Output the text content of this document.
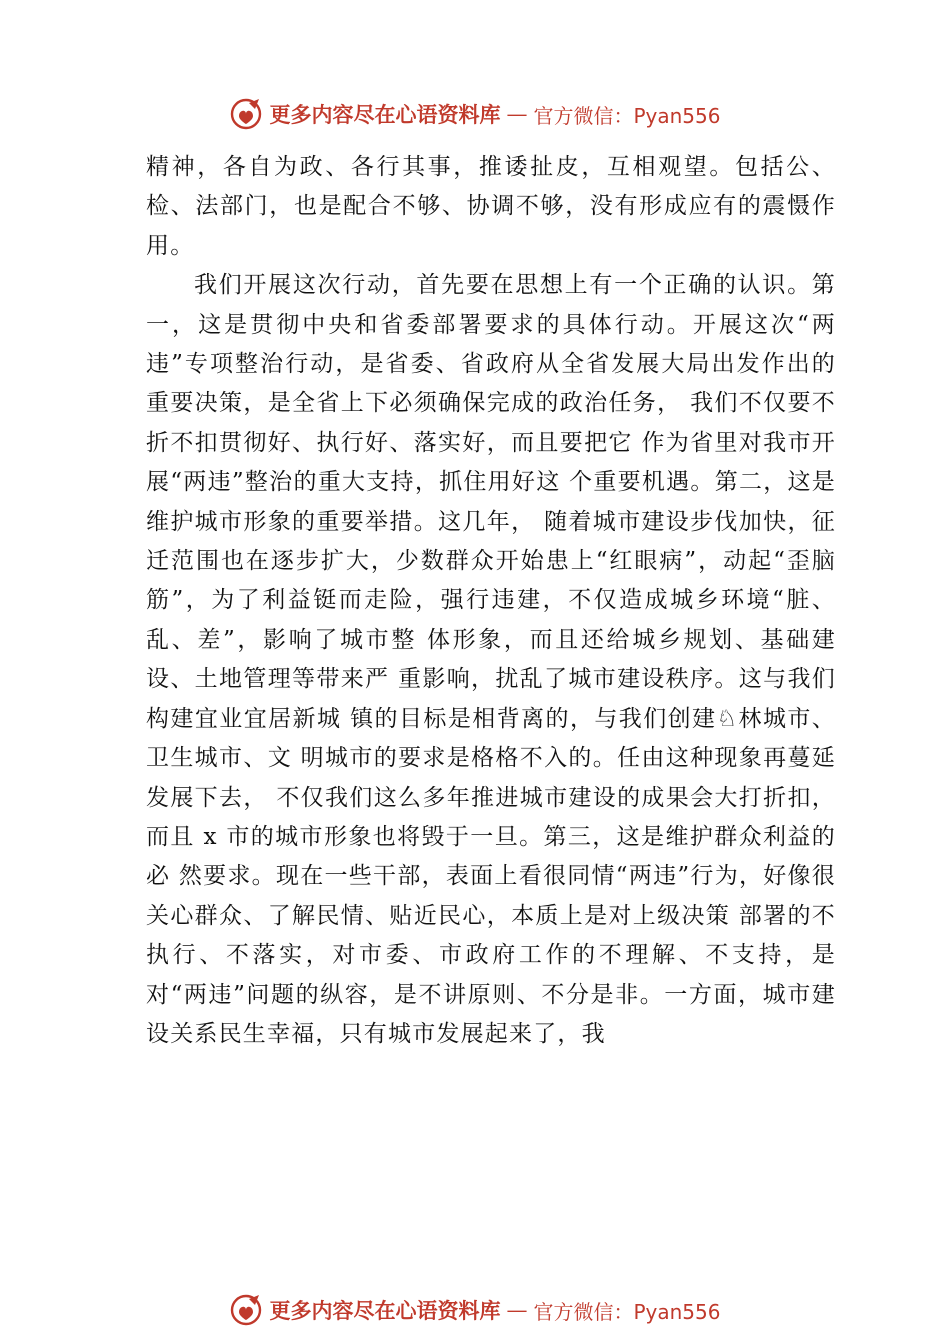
更多内容尽在心语资料库 — 官方微信：Pyan556

精神，各自为政、各行其事，推诿扯皮，互相观望。包括公、检、法部门，也是配合不够、协调不够，没有形成应有的震慑作用。

我们开展这次行动，首先要在思想上有一个正确的认识。第一，这是贯彻中央和省委部署要求的具体行动。开展这次“两违”专项整治行动，是省委、省政府从全省发展大局出发作出的重要决策，是全省上下必须确保完成的政治任务， 我们不仅要不折不扣贯彻好、执行好、落实好，而且要把它 作为省里对我市开展“两违”整治的重大支持，抓住用好这 个重要机遇。第二，这是维护城市形象的重要举措。这几年， 随着城市建设步伐加快，征迁范围也在逐步扩大，少数群众开始患上“红眼病”，动起“歪脑筋”，为了利益铤而走险，强行违建，不仅造成城乡环境“脏、乱、差”，影响了城市整 体形象，而且还给城乡规划、基础建设、土地管理等带来严 重影响，扰乱了城市建设秩序。这与我们构建宜业宜居新城 镇的目标是相背离的，与我们创建♘林城市、卫生城市、文 明城市的要求是格格不入的。任由这种现象再蔓延发展下去， 不仅我们这么多年推进城市建设的成果会大打折扣，而且 x 市的城市形象也将毁于一旦。第三，这是维护群众利益的必 然要求。现在一些干部，表面上看很同情“两违”行为，好像很关心群众、了解民情、贴近民心，本质上是对上级决策 部署的不执行、不落实，对市委、市政府工作的不理解、不支持，是对“两违”问题的纵容，是不讲原则、不分是非。一方面，城市建设关系民生幸福，只有城市发展起来了，我

更多内容尽在心语资料库 — 官方微信：Pyan556
